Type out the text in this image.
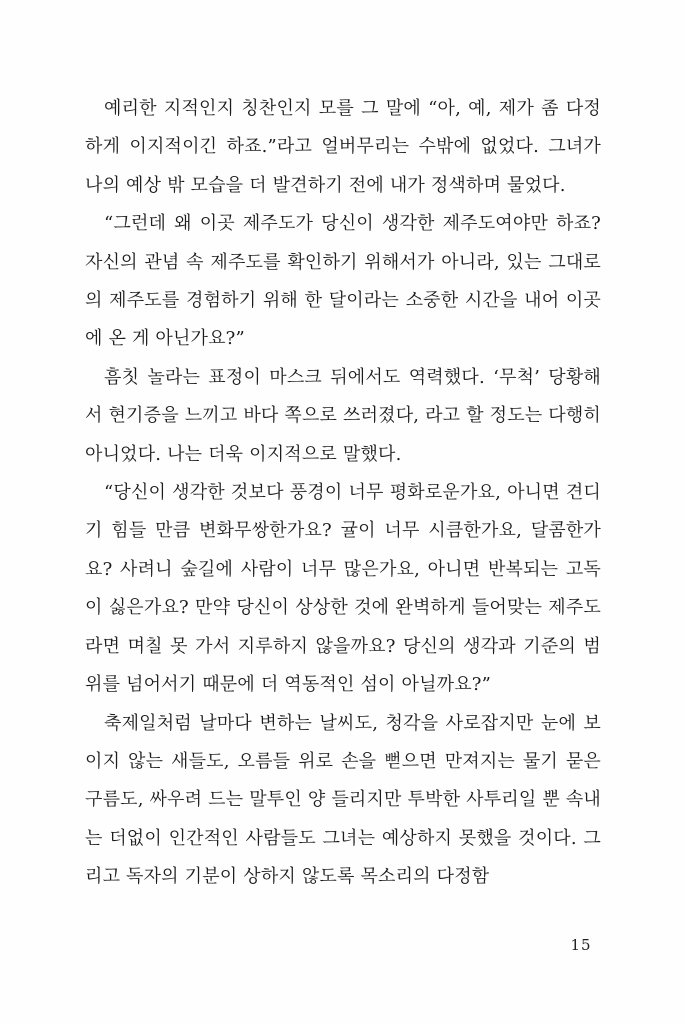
예리한 지적인지 칭찬인지 모를 그 말에 “아, 예, 제가 좀 다정하게 이지적이긴 하죠.”라고 얼버무리는 수밖에 없었다. 그녀가 나의 예상 밖 모습을 더 발견하기 전에 내가 정색하며 물었다.

“그런데 왜 이곳 제주도가 당신이 생각한 제주도여야만 하죠? 자신의 관념 속 제주도를 확인하기 위해서가 아니라, 있는 그대로의 제주도를 경험하기 위해 한 달이라는 소중한 시간을 내어 이곳에 온 게 아닌가요?”

흠칫 놀라는 표정이 마스크 뒤에서도 역력했다. ‘무척’ 당황해서 현기증을 느끼고 바다 쪽으로 쓰러졌다, 라고 할 정도는 다행히 아니었다. 나는 더욱 이지적으로 말했다.

“당신이 생각한 것보다 풍경이 너무 평화로운가요, 아니면 견디기 힘들 만큼 변화무쌍한가요? 귤이 너무 시큼한가요, 달콤한가요? 사려니 숲길에 사람이 너무 많은가요, 아니면 반복되는 고독이 싫은가요? 만약 당신이 상상한 것에 완벽하게 들어맞는 제주도라면 며칠 못 가서 지루하지 않을까요? 당신의 생각과 기준의 범위를 넘어서기 때문에 더 역동적인 섬이 아닐까요?”

축제일처럼 날마다 변하는 날씨도, 청각을 사로잡지만 눈에 보이지 않는 새들도, 오름들 위로 손을 뻗으면 만져지는 물기 묻은 구름도, 싸우려 드는 말투인 양 들리지만 투박한 사투리일 뿐 속내는 더없이 인간적인 사람들도 그녀는 예상하지 못했을 것이다. 그리고 독자의 기분이 상하지 않도록 목소리의 다정함

15
